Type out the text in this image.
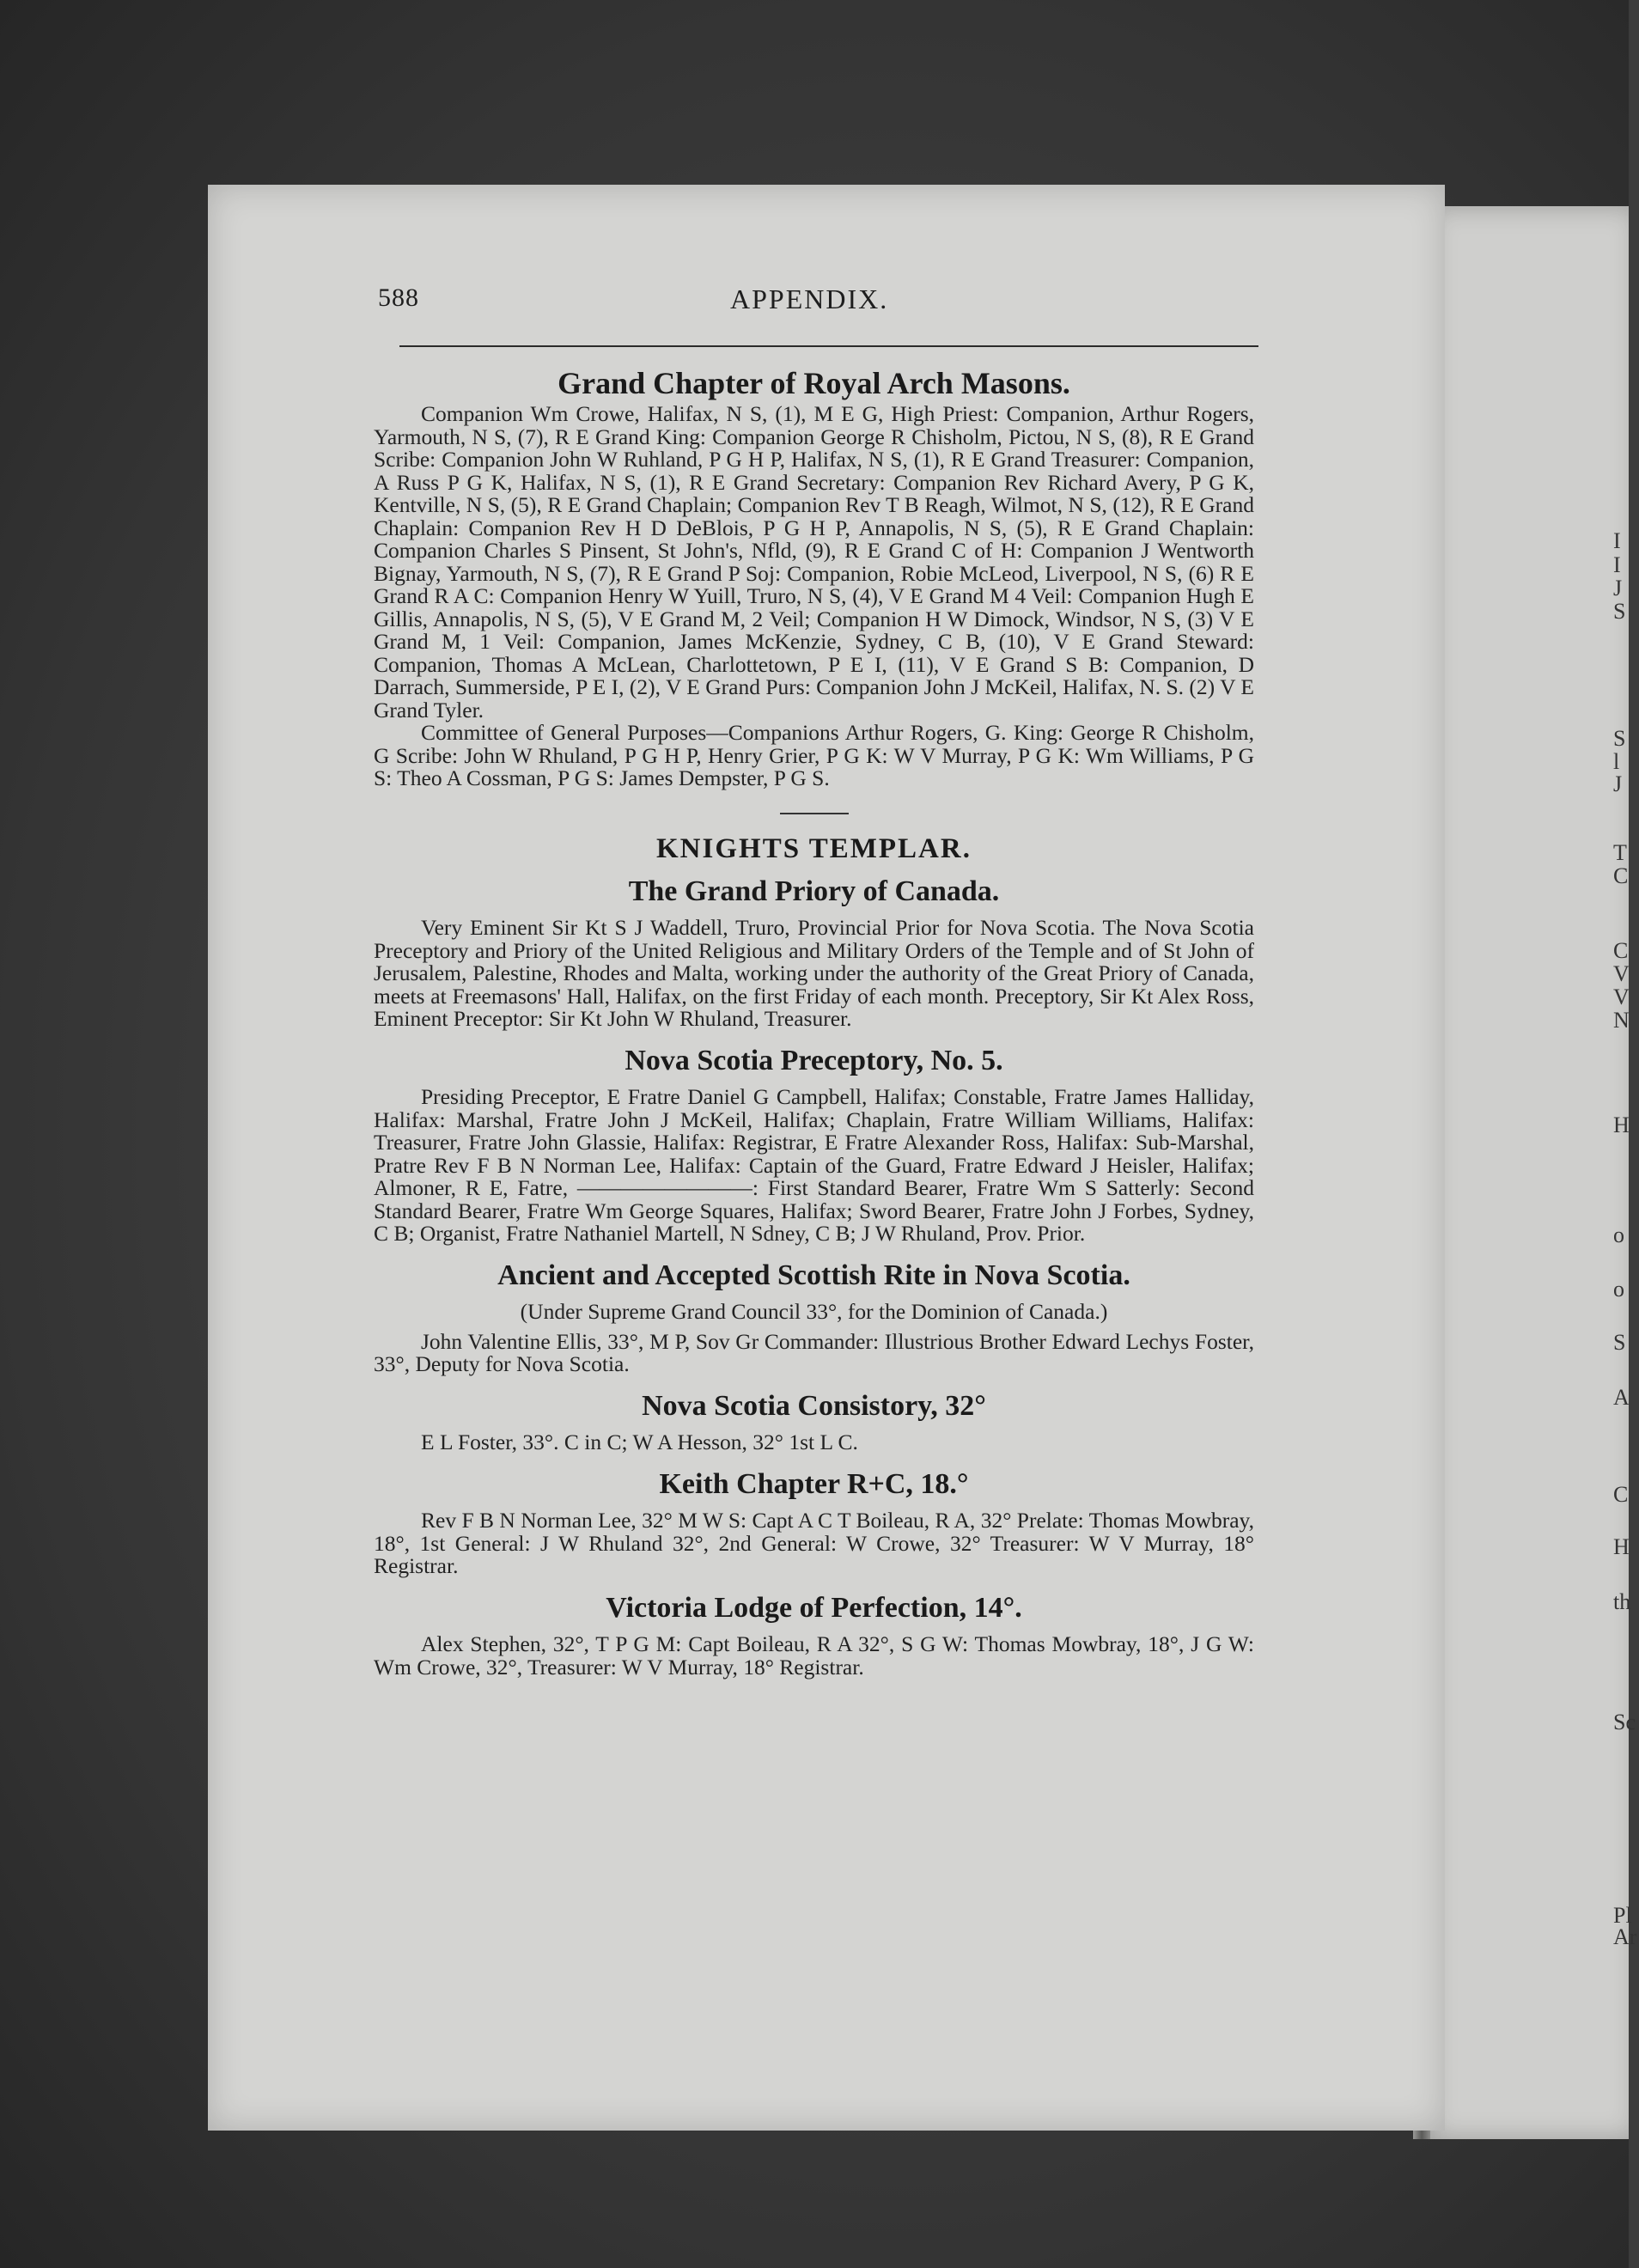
I
I
J
S
S
l
J
T
C
C
V
V
N
H
o
o
S
A
C
H
th
Sc
Pl
Ar
588	APPENDIX.
Grand Chapter of Royal Arch Masons.

Companion Wm Crowe, Halifax, N S, (1), M E G, High Priest: Companion, Arthur Rogers, Yarmouth, N S, (7), R E Grand King: Companion George R Chisholm, Pictou, N S, (8), R E Grand Scribe: Companion John W Ruhland, P G H P, Halifax, N S, (1), R E Grand Treasurer: Companion, A Russ P G K, Halifax, N S, (1), R E Grand Secretary: Companion Rev Richard Avery, P G K, Kentville, N S, (5), R E Grand Chaplain; Companion Rev T B Reagh, Wilmot, N S, (12), R E Grand Chaplain: Companion Rev H D DeBlois, P G H P, Annapolis, N S, (5), R E Grand Chaplain: Companion Charles S Pinsent, St John's, Nfld, (9), R E Grand C of H: Companion J Wentworth Bignay, Yarmouth, N S, (7), R E Grand P Soj: Companion, Robie McLeod, Liverpool, N S, (6) R E Grand R A C: Companion Henry W Yuill, Truro, N S, (4), V E Grand M 4 Veil: Companion Hugh E Gillis, Annapolis, N S, (5), V E Grand M, 2 Veil; Companion H W Dimock, Windsor, N S, (3) V E Grand M, 1 Veil: Companion, James McKenzie, Sydney, C B, (10), V E Grand Steward: Companion, Thomas A McLean, Charlottetown, P E I, (11), V E Grand S B: Companion, D Darrach, Summerside, P E I, (2), V E Grand Purs: Companion John J McKeil, Halifax, N. S. (2) V E Grand Tyler.

Committee of General Purposes—Companions Arthur Rogers, G. King: George R Chisholm, G Scribe: John W Rhuland, P G H P, Henry Grier, P G K: W V Murray, P G K: Wm Williams, P G S: Theo A Cossman, P G S: James Dempster, P G S.

KNIGHTS TEMPLAR.
The Grand Priory of Canada.

Very Eminent Sir Kt S J Waddell, Truro, Provincial Prior for Nova Scotia. The Nova Scotia Preceptory and Priory of the United Religious and Military Orders of the Temple and of St John of Jerusalem, Palestine, Rhodes and Malta, working under the authority of the Great Priory of Canada, meets at Freemasons' Hall, Halifax, on the first Friday of each month. Preceptory, Sir Kt Alex Ross, Eminent Preceptor: Sir Kt John W Rhuland, Treasurer.

Nova Scotia Preceptory, No. 5.

Presiding Preceptor, E Fratre Daniel G Campbell, Halifax; Constable, Fratre James Halliday, Halifax: Marshal, Fratre John J McKeil, Halifax; Chaplain, Fratre William Williams, Halifax: Treasurer, Fratre John Glassie, Halifax: Registrar, E Fratre Alexander Ross, Halifax: Sub-Marshal, Pratre Rev F B N Norman Lee, Halifax: Captain of the Guard, Fratre Edward J Heisler, Halifax; Almoner, R E, Fatre, ————————: First Standard Bearer, Fratre Wm S Satterly: Second Standard Bearer, Fratre Wm George Squares, Halifax; Sword Bearer, Fratre John J Forbes, Sydney, C B; Organist, Fratre Nathaniel Martell, N Sdney, C B; J W Rhuland, Prov. Prior.

Ancient and Accepted Scottish Rite in Nova Scotia.

(Under Supreme Grand Council 33°, for the Dominion of Canada.)

John Valentine Ellis, 33°, M P, Sov Gr Commander: Illustrious Brother Edward Lechys Foster, 33°, Deputy for Nova Scotia.

Nova Scotia Consistory, 32°

E L Foster, 33°. C in C; W A Hesson, 32° 1st L C.

Keith Chapter R+C, 18.°

Rev F B N Norman Lee, 32° M W S: Capt A C T Boileau, R A, 32° Prelate: Thomas Mowbray, 18°, 1st General: J W Rhuland 32°, 2nd General: W Crowe, 32° Treasurer: W V Murray, 18° Registrar.

Victoria Lodge of Perfection, 14°.

Alex Stephen, 32°, T P G M: Capt Boileau, R A 32°, S G W: Thomas Mowbray, 18°, J G W: Wm Crowe, 32°, Treasurer: W V Murray, 18° Registrar.
